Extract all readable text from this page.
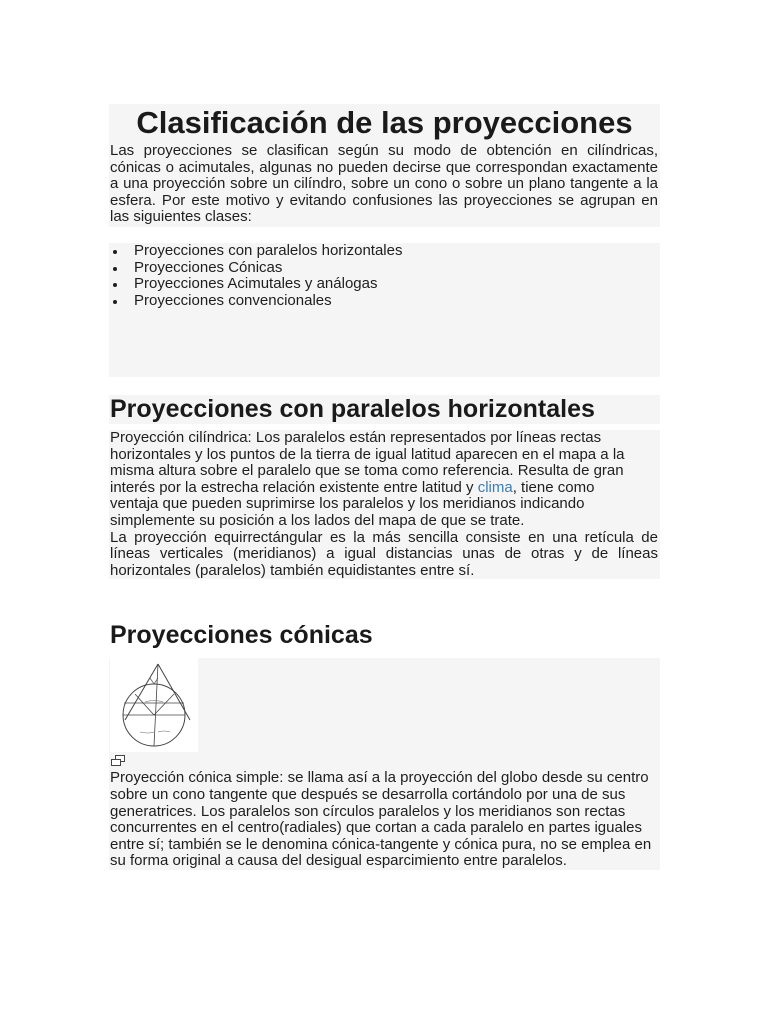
Clasificación de las proyecciones

Las proyecciones se clasifican según su modo de obtención en cilíndricas, cónicas o acimutales, algunas no pueden decirse que correspondan exactamente a una proyección sobre un cilíndro, sobre un cono o sobre un plano tangente a la esfera. Por este motivo y evitando confusiones las proyecciones se agrupan en las siguientes clases:

Proyecciones con paralelos horizontales
Proyecciones Cónicas
Proyecciones Acimutales y análogas
Proyecciones convencionales
Proyecciones con paralelos horizontales

Proyección cilíndrica: Los paralelos están representados por líneas rectas horizontales y los puntos de la tierra de igual latitud aparecen en el mapa a la misma altura sobre el paralelo que se toma como referencia. Resulta de gran interés por la estrecha relación existente entre latitud y clima, tiene como ventaja que pueden suprimirse los paralelos y los meridianos indicando simplemente su posición a los lados del mapa de que se trate.

La proyección equirrectángular es la más sencilla consiste en una retícula de líneas verticales (meridianos) a igual distancias unas de otras y de líneas horizontales (paralelos) también equidistantes entre sí.

Proyecciones cónicas

Proyección cónica simple: se llama así a la proyección del globo desde su centro sobre un cono tangente que después se desarrolla cortándolo por una de sus generatrices. Los paralelos son círculos paralelos y los meridianos son rectas concurrentes en el centro(radiales) que cortan a cada paralelo en partes iguales entre sí; también se le denomina cónica-tangente y cónica pura, no se emplea en su forma original a causa del desigual esparcimiento entre paralelos.
